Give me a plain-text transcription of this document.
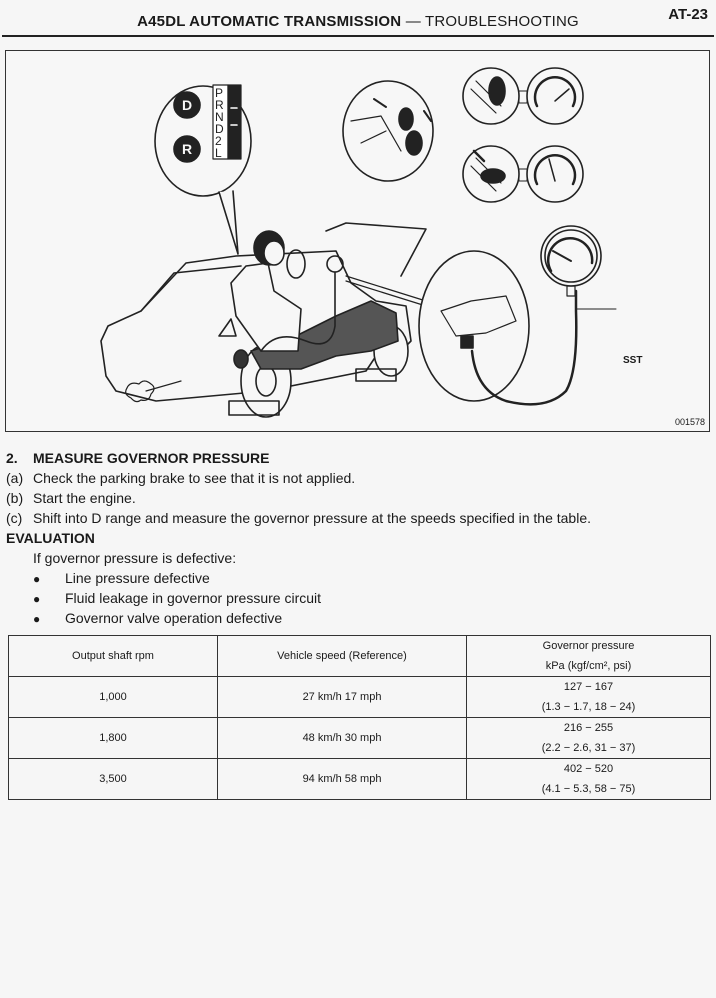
A45DL AUTOMATIC TRANSMISSION — TROUBLESHOOTING	AT-23
P
R
N
D
2
L
D
R
SST
001578
2. MEASURE GOVERNOR PRESSURE
(a) Check the parking brake to see that it is not applied.
(b) Start the engine.
(c) Shift into D range and measure the governor pressure at the speeds specified in the table.
EVALUATION
If governor pressure is defective:
● Line pressure defective
● Fluid leakage in governor pressure circuit
● Governor valve operation defective
Output shaft rpm	Vehicle speed (Reference)	Governor pressure
kPa (kgf/cm², psi)

1,000	27 km/h 17 mph	127 − 167
(1.3 − 1.7, 18 − 24)

1,800	48 km/h 30 mph	216 − 255
(2.2 − 2.6, 31 − 37)

3,500	94 km/h 58 mph	402 − 520
(4.1 − 5.3, 58 − 75)
